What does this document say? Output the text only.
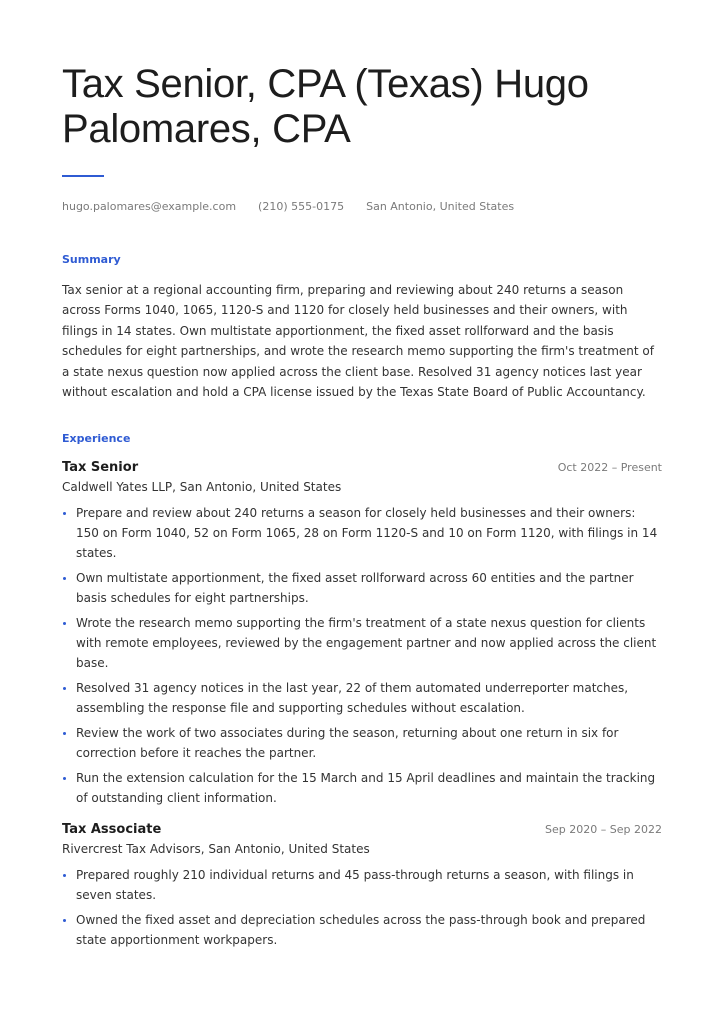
Tax Senior, CPA (Texas) Hugo Palomares, CPA
hugo.palomares@example.com (210) 555-0175 San Antonio, United States
Summary

Tax senior at a regional accounting firm, preparing and reviewing about 240 returns a season across Forms 1040, 1065, 1120-S and 1120 for closely held businesses and their owners, with filings in 14 states. Own multistate apportionment, the fixed asset rollforward and the basis schedules for eight partnerships, and wrote the research memo supporting the firm's treatment of a state nexus question now applied across the client base. Resolved 31 agency notices last year without escalation and hold a CPA license issued by the Texas State Board of Public Accountancy.

Experience
Tax Senior	Oct 2022 – Present
Caldwell Yates LLP, San Antonio, United States
Prepare and review about 240 returns a season for closely held businesses and their owners: 150 on Form 1040, 52 on Form 1065, 28 on Form 1120-S and 10 on Form 1120, with filings in 14 states.
Own multistate apportionment, the fixed asset rollforward across 60 entities and the partner basis schedules for eight partnerships.
Wrote the research memo supporting the firm's treatment of a state nexus question for clients with remote employees, reviewed by the engagement partner and now applied across the client base.
Resolved 31 agency notices in the last year, 22 of them automated underreporter matches, assembling the response file and supporting schedules without escalation.
Review the work of two associates during the season, returning about one return in six for correction before it reaches the partner.
Run the extension calculation for the 15 March and 15 April deadlines and maintain the tracking of outstanding client information.
Tax Associate	Sep 2020 – Sep 2022
Rivercrest Tax Advisors, San Antonio, United States
Prepared roughly 210 individual returns and 45 pass-through returns a season, with filings in seven states.
Owned the fixed asset and depreciation schedules across the pass-through book and prepared state apportionment workpapers.
